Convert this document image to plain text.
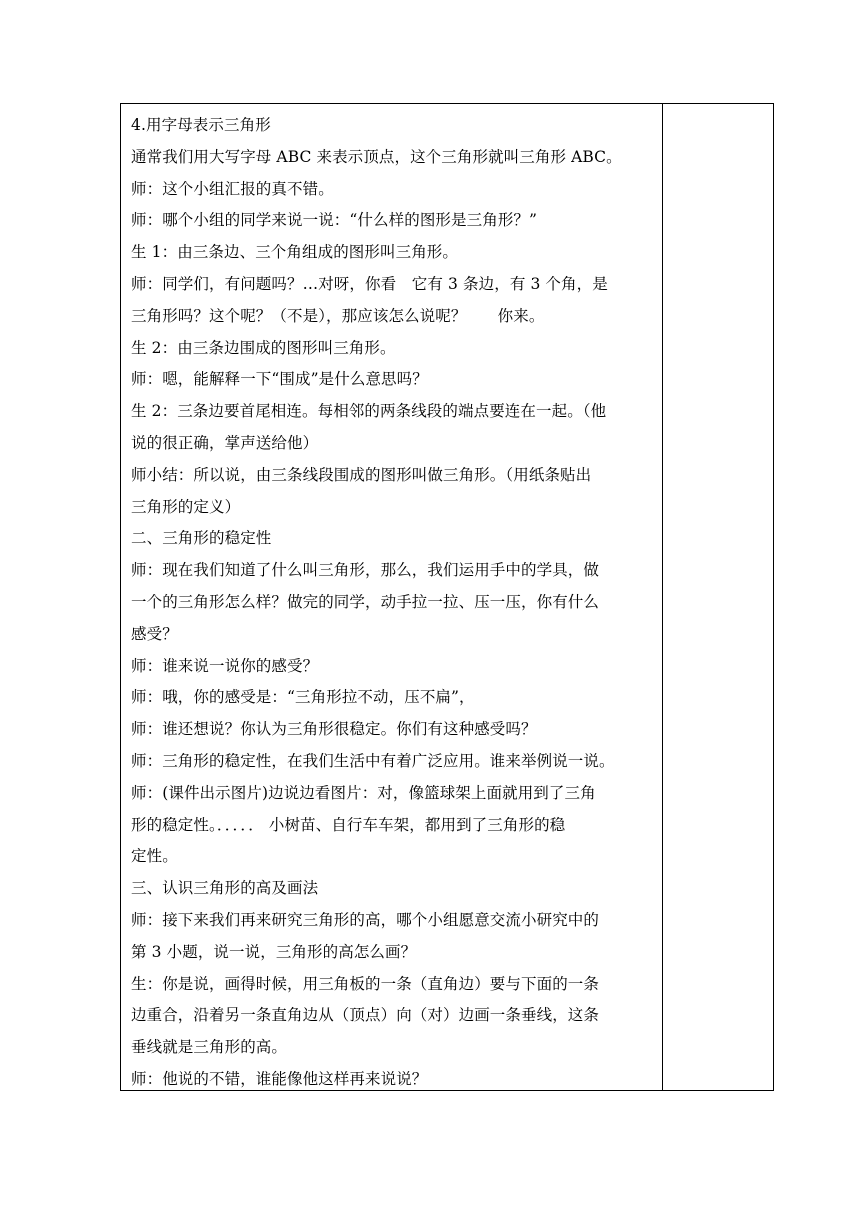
4.用字母表示三角形
通常我们用大写字母 ABC 来表示顶点，这个三角形就叫三角形 ABC。
师：这个小组汇报的真不错。
师：哪个小组的同学来说一说：“什么样的图形是三角形？”
生 1：由三条边、三个角组成的图形叫三角形。
师：同学们，有问题吗？…对呀，你看　它有 3 条边，有 3 个角，是
三角形吗？这个呢？（不是），那应该怎么说呢？　　你来。
生 2：由三条边围成的图形叫三角形。
师：嗯，能解释一下“围成”是什么意思吗？
生 2：三条边要首尾相连。每相邻的两条线段的端点要连在一起。（他
说的很正确，掌声送给他）
师小结：所以说，由三条线段围成的图形叫做三角形。（用纸条贴出
三角形的定义）
二、三角形的稳定性
师：现在我们知道了什么叫三角形，那么，我们运用手中的学具，做
一个的三角形怎么样？做完的同学，动手拉一拉、压一压，你有什么
感受？
师：谁来说一说你的感受？
师：哦，你的感受是：“三角形拉不动，压不扁”，
师：谁还想说？你认为三角形很稳定。你们有这种感受吗？
师：三角形的稳定性，在我们生活中有着广泛应用。谁来举例说一说。
师：(课件出示图片)边说边看图片：对，像篮球架上面就用到了三角
形的稳定性。．．．．． 小树苗、自行车车架，都用到了三角形的稳
定性。
三、认识三角形的高及画法
师：接下来我们再来研究三角形的高，哪个小组愿意交流小研究中的
第 3 小题，说一说，三角形的高怎么画？
生：你是说，画得时候，用三角板的一条（直角边）要与下面的一条
边重合，沿着另一条直角边从（顶点）向（对）边画一条垂线，这条
垂线就是三角形的高。
师：他说的不错，谁能像他这样再来说说？
